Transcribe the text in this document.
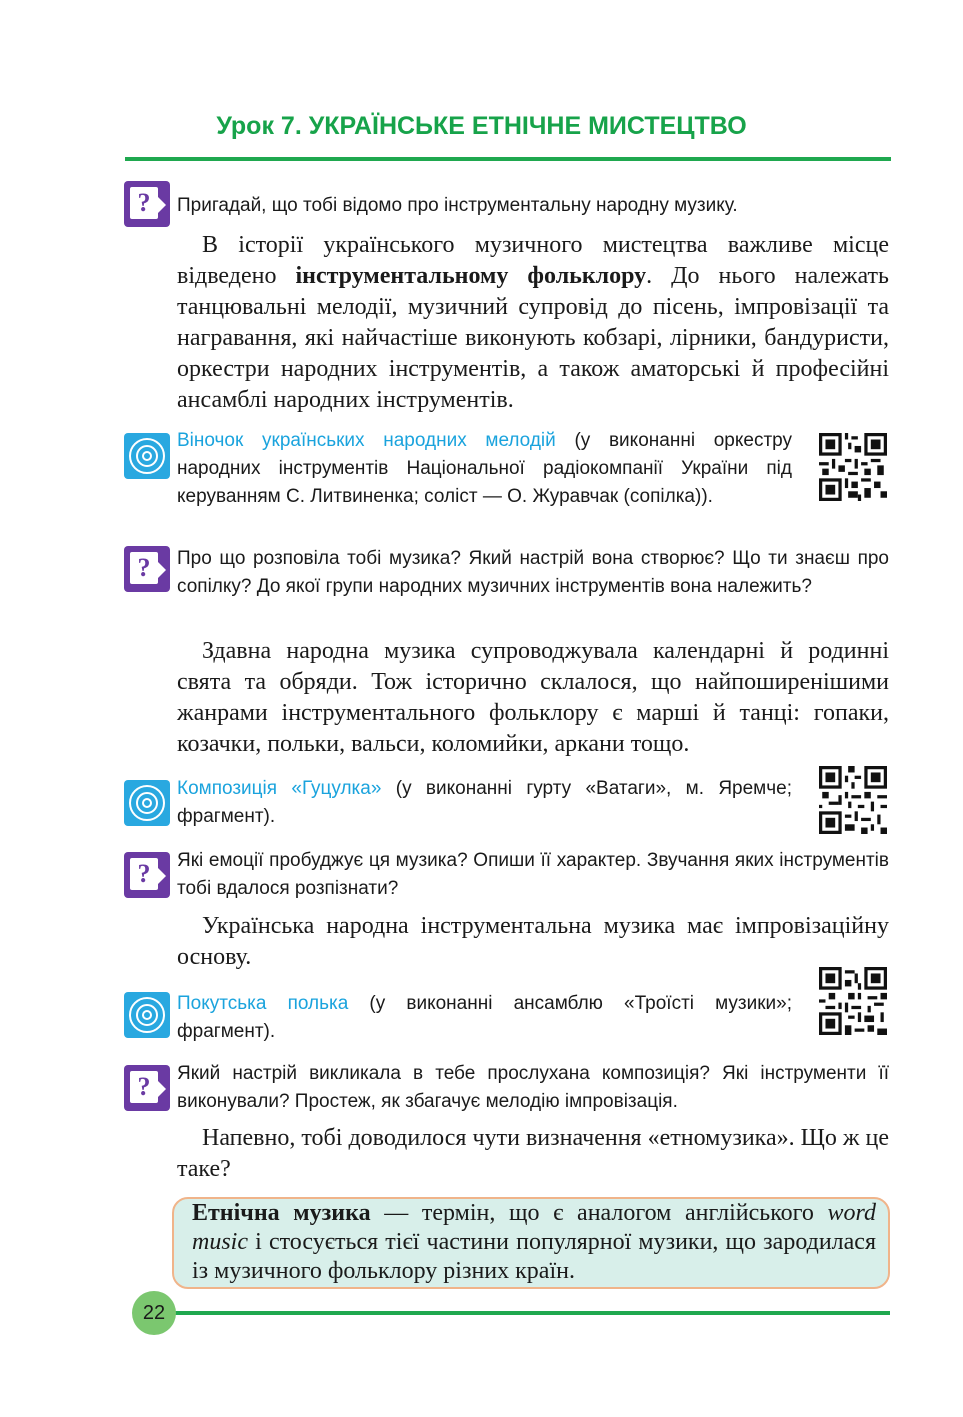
Урок 7. УКРАЇНСЬКЕ ЕТНІЧНЕ МИСТЕЦТВО
?	Пригадай, що тобі відомо про інструментальну народну музику.
В історії українського музичного мистецтва важливе місце відведено інструментальному фольклору. До нього належать танцювальні мелодії, музичний супровід до пісень, імпровізації та награвання, які найчастіше виконують кобзарі, лірники, бандуристи, оркестри народних інструментів, а також аматорські й професійні ансамблі народних інструментів.
Віночок українських народних мелодій (у виконанні оркестру народних інструментів Національної радіокомпанії України під керуванням С. Литвиненка; соліст — О. Журавчак (сопілка)).
?	Про що розповіла тобі музика? Який настрій вона створює? Що ти знаєш про сопілку? До якої групи народних музичних інструментів вона належить?
Здавна народна музика супроводжувала календарні й родинні свята та обряди. Тож історично склалося, що найпоширенішими жанрами інструментального фольклору є марші й танці: гопаки, козачки, польки, вальси, коломийки, аркани тощо.
Композиція «Гуцулка» (у виконанні гурту «Ватаги», м. Яремче; фрагмент).
?	Які емоції пробуджує ця музика? Опиши її характер. Звучання яких інструментів тобі вдалося розпізнати?
Українська народна інструментальна музика має імпровізаційну основу.
Покутська полька (у виконанні ансамблю «Троїсті музики»; фрагмент).
?	Який настрій викликала в тебе прослухана композиція? Які інструменти її виконували? Простеж, як збагачує мелодію імпровізація.
Напевно, тобі доводилося чути визначення «етномузика». Що ж це таке?
Етнічна музика — термін, що є аналогом англійського word music і стосується тієї частини популярної музики, що зародилася із музичного фольклору різних країн.
22
